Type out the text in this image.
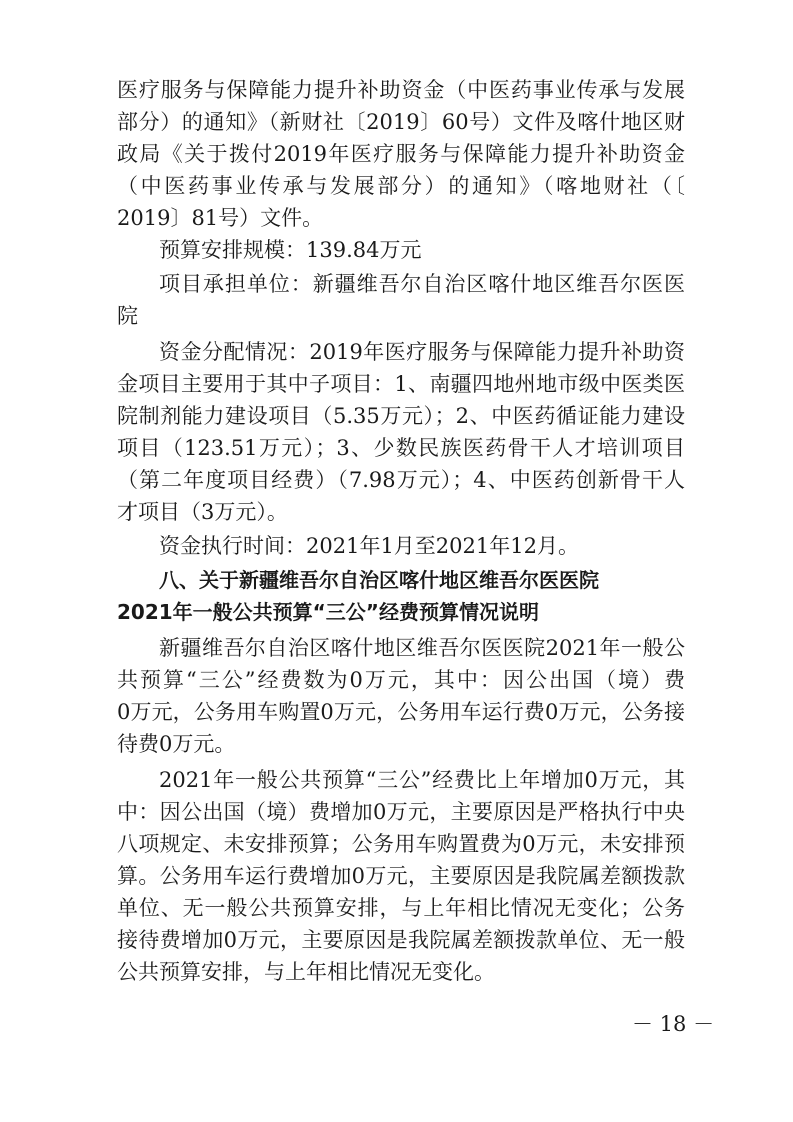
医疗服务与保障能力提升补助资金（中医药事业传承与发展
部分）的通知》（新财社〔2019〕60号）文件及喀什地区财
政局《关于拨付2019年医疗服务与保障能力提升补助资金
（中医药事业传承与发展部分）的通知》（喀地财社（〔
2019〕81号）文件。
预算安排规模：139.84万元
项目承担单位：新疆维吾尔自治区喀什地区维吾尔医医
院
资金分配情况：2019年医疗服务与保障能力提升补助资
金项目主要用于其中子项目：1、南疆四地州地市级中医类医
院制剂能力建设项目（5.35万元）；2、中医药循证能力建设
项目（123.51万元）；3、少数民族医药骨干人才培训项目
（第二年度项目经费）（7.98万元）；4、中医药创新骨干人
才项目（3万元）。
资金执行时间：2021年1月至2021年12月。
八、关于新疆维吾尔自治区喀什地区维吾尔医医院
2021年一般公共预算“三公”经费预算情况说明
新疆维吾尔自治区喀什地区维吾尔医医院2021年一般公
共预算“三公”经费数为0万元，其中：因公出国（境）费
0万元，公务用车购置0万元，公务用车运行费0万元，公务接
待费0万元。
2021年一般公共预算“三公”经费比上年增加0万元，其
中：因公出国（境）费增加0万元，主要原因是严格执行中央
八项规定、未安排预算；公务用车购置费为0万元，未安排预
算。公务用车运行费增加0万元，主要原因是我院属差额拨款
单位、无一般公共预算安排，与上年相比情况无变化；公务
接待费增加0万元，主要原因是我院属差额拨款单位、无一般
公共预算安排，与上年相比情况无变化。
－ 18 －
